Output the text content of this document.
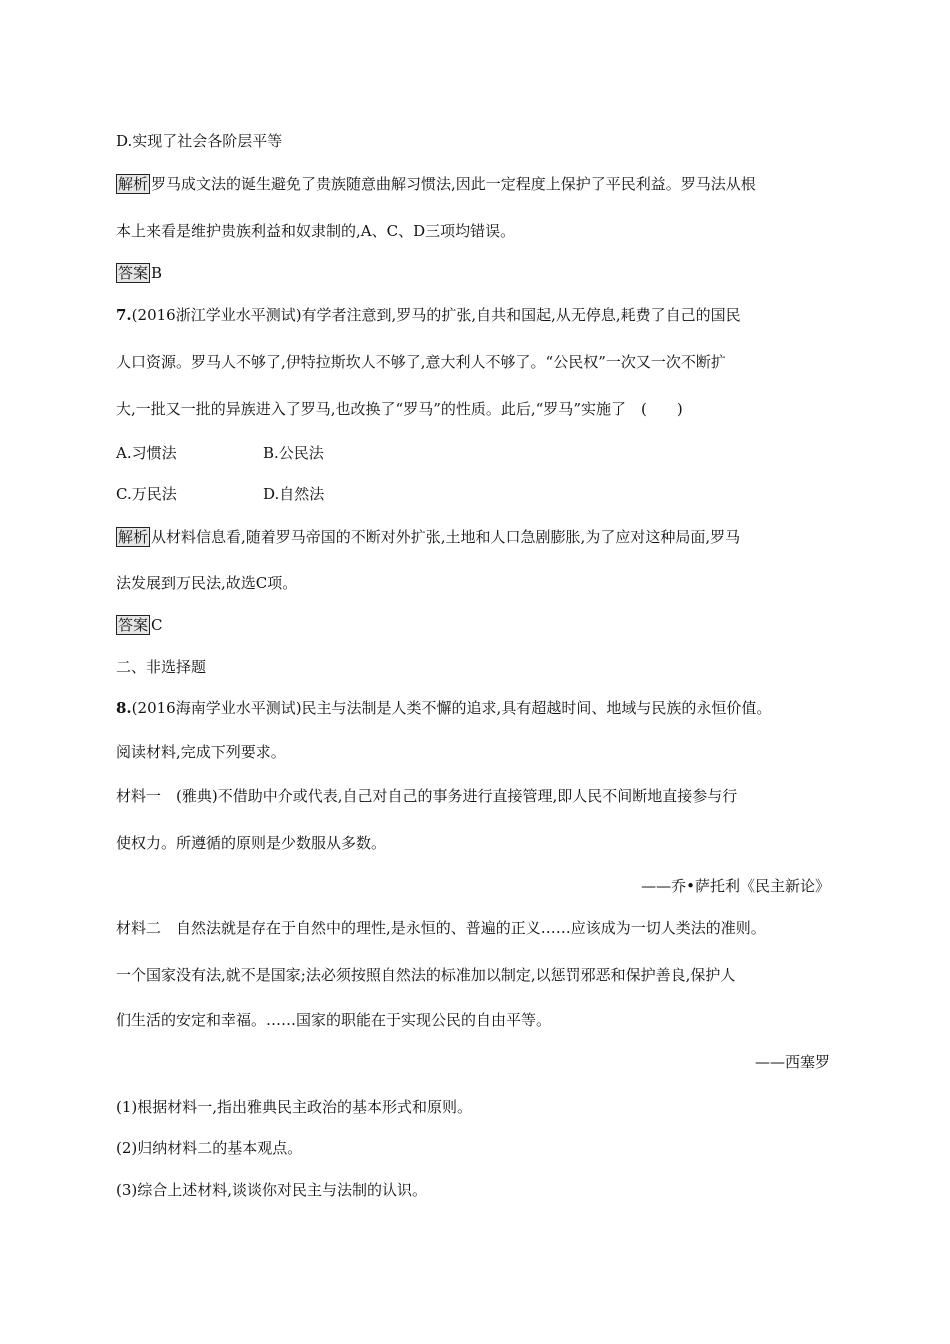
D.实现了社会各阶层平等
解析 罗马成文法的诞生避免了贵族随意曲解习惯法,因此一定程度上保护了平民利益。罗马法从根
本上来看是维护贵族利益和奴隶制的,A、C、D三项均错误。
答案 B
7.(2016浙江学业水平测试)有学者注意到,罗马的扩张,自共和国起,从无停息,耗费了自己的国民
人口资源。罗马人不够了,伊特拉斯坎人不够了,意大利人不够了。“公民权”一次又一次不断扩
大,一批又一批的异族进入了罗马,也改换了“罗马”的性质。此后,“罗马”实施了　(　　)
A.习惯法	B.公民法
C.万民法	D.自然法
解析 从材料信息看,随着罗马帝国的不断对外扩张,土地和人口急剧膨胀,为了应对这种局面,罗马
法发展到万民法,故选C项。
答案 C
二、非选择题
8.(2016海南学业水平测试)民主与法制是人类不懈的追求,具有超越时间、地域与民族的永恒价值。
阅读材料,完成下列要求。
材料一　(雅典)不借助中介或代表,自己对自己的事务进行直接管理,即人民不间断地直接参与行
使权力。所遵循的原则是少数服从多数。
——乔•萨托利《民主新论》
材料二　自然法就是存在于自然中的理性,是永恒的、普遍的正义……应该成为一切人类法的准则。
一个国家没有法,就不是国家;法必须按照自然法的标准加以制定,以惩罚邪恶和保护善良,保护人
们生活的安定和幸福。……国家的职能在于实现公民的自由平等。
——西塞罗
(1)根据材料一,指出雅典民主政治的基本形式和原则。
(2)归纳材料二的基本观点。
(3)综合上述材料,谈谈你对民主与法制的认识。
